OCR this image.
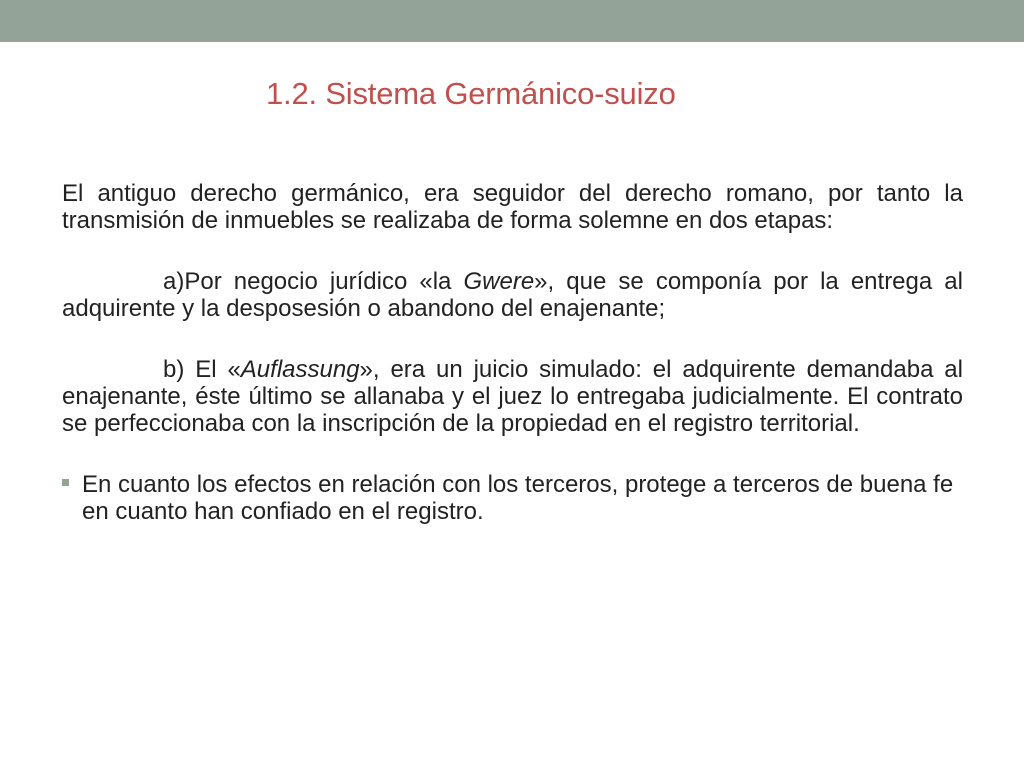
1.2. Sistema Germánico-suizo

El antiguo derecho germánico, era seguidor del derecho romano, por tanto la transmisión de inmuebles se realizaba de forma solemne en dos etapas:

a)Por negocio jurídico «la Gwere», que se componía por la entrega al adquirente y la desposesión o abandono del enajenante;

b) El «Auflassung», era un juicio simulado: el adquirente demandaba al enajenante, éste último se allanaba y el juez lo entregaba judicialmente. El contrato se perfeccionaba con la inscripción de la propiedad en el registro territorial.

En cuanto los efectos en relación con los terceros, protege a terceros de buena fe en cuanto han confiado en el registro.
